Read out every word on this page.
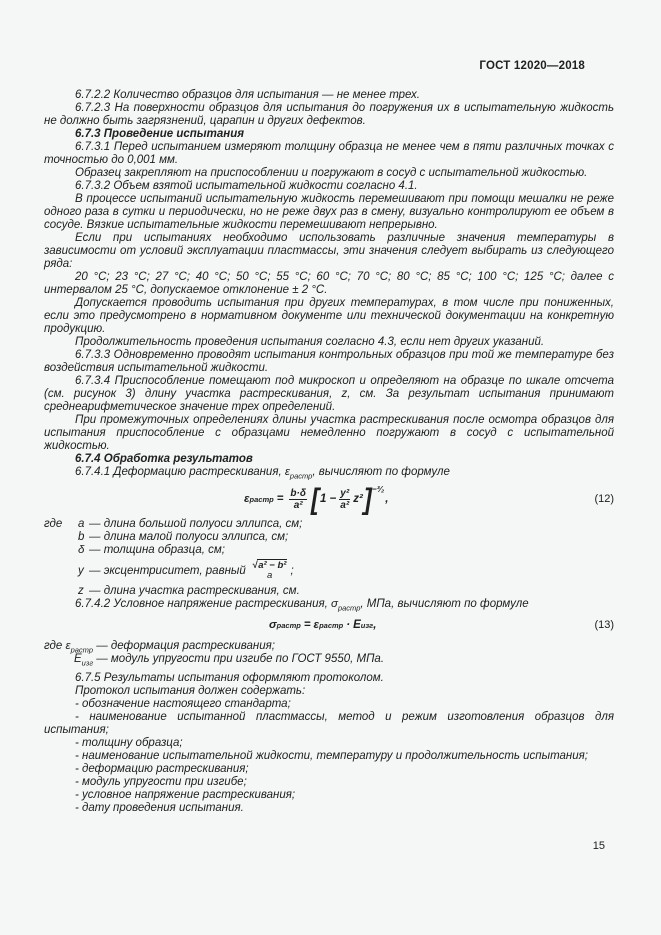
ГОСТ 12020—2018

6.7.2.2 Количество образцов для испытания — не менее трех.

6.7.2.3 На поверхности образцов для испытания до погружения их в испытательную жидкость не должно быть загрязнений, царапин и других дефектов.

6.7.3 Проведение испытания

6.7.3.1 Перед испытанием измеряют толщину образца не менее чем в пяти различных точках с точностью до 0,001 мм.

Образец закрепляют на приспособлении и погружают в сосуд с испытательной жидкостью.

6.7.3.2 Объем взятой испытательной жидкости согласно 4.1.

В процессе испытаний испытательную жидкость перемешивают при помощи мешалки не реже одного раза в сутки и периодически, но не реже двух раз в смену, визуально контролируют ее объем в сосуде. Вязкие испытательные жидкости перемешивают непрерывно.

Если при испытаниях необходимо использовать различные значения температуры в зависимости от условий эксплуатации пластмассы, эти значения следует выбирать из следующего ряда:

20 °С; 23 °С; 27 °С; 40 °С; 50 °С; 55 °С; 60 °С; 70 °С; 80 °С; 85 °С; 100 °С; 125 °С; далее с интервалом 25 °С, допускаемое отклонение ± 2 °С.

Допускается проводить испытания при других температурах, в том числе при пониженных, если это предусмотрено в нормативном документе или технической документации на конкретную продукцию.

Продолжительность проведения испытания согласно 4.3, если нет других указаний.

6.7.3.3 Одновременно проводят испытания контрольных образцов при той же температуре без воздействия испытательной жидкости.

6.7.3.4 Приспособление помещают под микроскоп и определяют на образце по шкале отсчета (см. рисунок 3) длину участка растрескивания, z, см. За результат испытания принимают среднеарифметическое значение трех определений.

При промежуточных определениях длины участка растрескивания после осмотра образцов для испытания приспособление с образцами немедленно погружают в сосуд с испытательной жидкостью.

6.7.4 Обработка результатов

6.7.4.1 Деформацию растрескивания, $\varepsilon_{растр}$, вычисляют по формуле

ε растр = $\frac{b\cdot\delta}{\text{a²}}$ [ $1 - \frac{\text{y²}}{\text{a²}} z^2$ ]$^{-^3⁄_2}$
,	(12)
где a — длина большой полуоси эллипса, см;
b — длина малой полуоси эллипса, см;
δ — толщина образца, см;
y — эксцентриситет, равный
√a² − b²
a ;
z — длина участка растрескивания, см.

6.7.4.2 Условное напряжение растрескивания, $\sigma_{растр}$, МПа, вычисляют по формуле

σ растр = ε растр · E изг ,	(13)
где $\varepsilon_{растр}$ — деформация растрескивания;
$E_{изг}$ — модуль упругости при изгибе по ГОСТ 9550, МПа.

6.7.5 Результаты испытания оформляют протоколом.

Протокол испытания должен содержать:

- обозначение настоящего стандарта;

- наименование испытанной пластмассы, метод и режим изготовления образцов для испытания;

- толщину образца;

- наименование испытательной жидкости, температуру и продолжительность испытания;

- деформацию растрескивания;

- модуль упругости при изгибе;

- условное напряжение растрескивания;

- дату проведения испытания.

15
